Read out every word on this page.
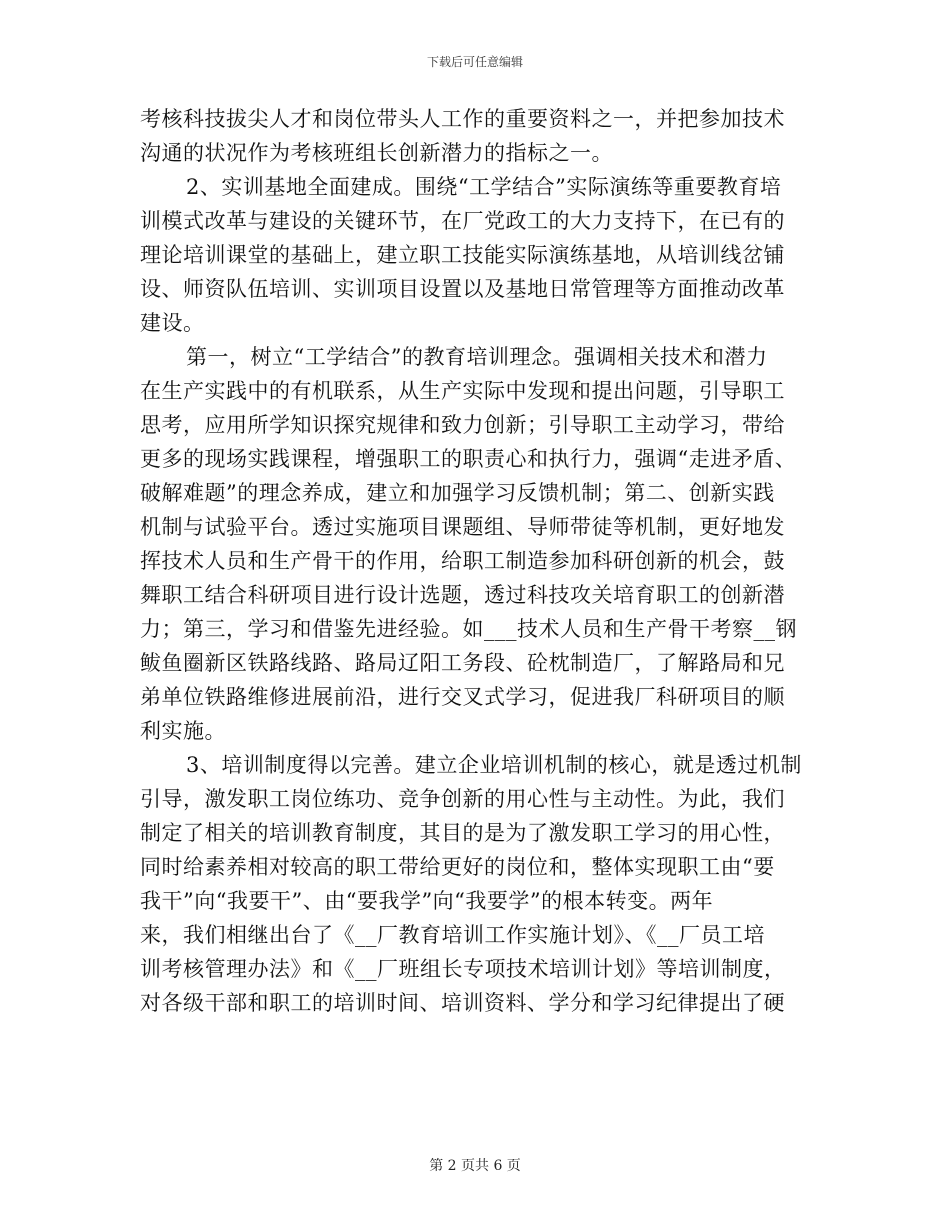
下载后可任意编辑
考核科技拔尖人才和岗位带头人工作的重要资料之一，并把参加技术
沟通的状况作为考核班组长创新潜力的指标之一。
2、实训基地全面建成。围绕“工学结合”实际演练等重要教育培
训模式改革与建设的关键环节，在厂党政工的大力支持下，在已有的
理论培训课堂的基础上，建立职工技能实际演练基地，从培训线岔铺
设、师资队伍培训、实训项目设置以及基地日常管理等方面推动改革
建设。
第一，树立“工学结合”的教育培训理念。强调相关技术和潜力
在生产实践中的有机联系，从生产实际中发现和提出问题，引导职工
思考，应用所学知识探究规律和致力创新；引导职工主动学习，带给
更多的现场实践课程，增强职工的职责心和执行力，强调“走进矛盾、
破解难题”的理念养成，建立和加强学习反馈机制；第二、创新实践
机制与试验平台。透过实施项目课题组、导师带徒等机制，更好地发
挥技术人员和生产骨干的作用，给职工制造参加科研创新的机会，鼓
舞职工结合科研项目进行设计选题，透过科技攻关培育职工的创新潜
力；第三，学习和借鉴先进经验。如___技术人员和生产骨干考察__钢
鲅鱼圈新区铁路线路、路局辽阳工务段、砼枕制造厂，了解路局和兄
弟单位铁路维修进展前沿，进行交叉式学习，促进我厂科研项目的顺
利实施。
3、培训制度得以完善。建立企业培训机制的核心，就是透过机制
引导，激发职工岗位练功、竞争创新的用心性与主动性。为此，我们
制定了相关的培训教育制度，其目的是为了激发职工学习的用心性，
同时给素养相对较高的职工带给更好的岗位和，整体实现职工由“要
我干”向“我要干”、由“要我学”向“我要学”的根本转变。两年
来，我们相继出台了《__厂教育培训工作实施计划》、《__厂员工培
训考核管理办法》和《__厂班组长专项技术培训计划》等培训制度，
对各级干部和职工的培训时间、培训资料、学分和学习纪律提出了硬
第 2 页共 6 页
